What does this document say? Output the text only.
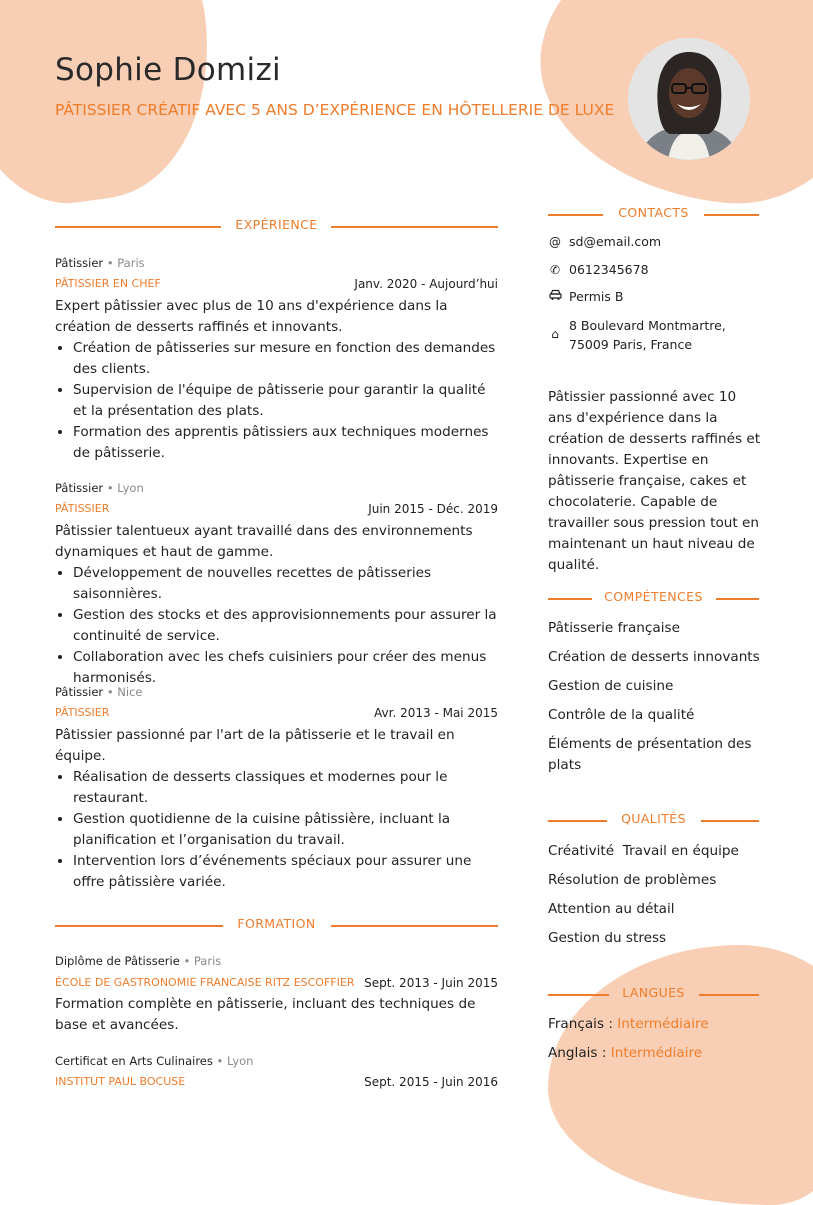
Sophie Domizi
PÂTISSIER CRÉATIF AVEC 5 ANS D’EXPÉRIENCE EN HÔTELLERIE DE LUXE
EXPÉRIENCE
Pâtissier • Paris
PÂTISSIER EN CHEF	Janv. 2020 - Aujourd’hui
Expert pâtissier avec plus de 10 ans d'expérience dans la création de desserts raffinés et innovants.
• Création de pâtisseries sur mesure en fonction des demandes des clients.
• Supervision de l'équipe de pâtisserie pour garantir la qualité et la présentation des plats.
• Formation des apprentis pâtissiers aux techniques modernes de pâtisserie.
Pâtissier • Lyon
PÂTISSIER	Juin 2015 - Déc. 2019
Pâtissier talentueux ayant travaillé dans des environnements dynamiques et haut de gamme.
• Développement de nouvelles recettes de pâtisseries saisonnières.
• Gestion des stocks et des approvisionnements pour assurer la continuité de service.
• Collaboration avec les chefs cuisiniers pour créer des menus harmonisés.
Pâtissier • Nice
PÂTISSIER	Avr. 2013 - Mai 2015
Pâtissier passionné par l'art de la pâtisserie et le travail en équipe.
• Réalisation de desserts classiques et modernes pour le restaurant.
• Gestion quotidienne de la cuisine pâtissière, incluant la planification et l’organisation du travail.
• Intervention lors d’événements spéciaux pour assurer une offre pâtissière variée.
FORMATION
Diplôme de Pâtisserie • Paris
ÉCOLE DE GASTRONOMIE FRANCAISE RITZ ESCOFFIER Sept. 2013 - Juin 2015
Formation complète en pâtisserie, incluant des techniques de base et avancées.
Certificat en Arts Culinaires • Lyon
INSTITUT PAUL BOCUSE	Sept. 2015 - Juin 2016
CONTACTS
@ sd@email.com
✆ 0612345678
Permis B
⌂
8 Boulevard Montmartre, 75009 Paris, France
Pâtissier passionné avec 10 ans d'expérience dans la création de desserts raffinés et innovants. Expertise en pâtisserie française, cakes et chocolaterie. Capable de travailler sous pression tout en maintenant un haut niveau de qualité.
COMPÉTENCES
Pâtisserie française
Création de desserts innovants
Gestion de cuisine
Contrôle de la qualité
Éléments de présentation des plats
QUALITÉS
Créativité Travail en équipe
Résolution de problèmes
Attention au détail
Gestion du stress
LANGUES
Français : Intermédiaire
Anglais : Intermédiaire
